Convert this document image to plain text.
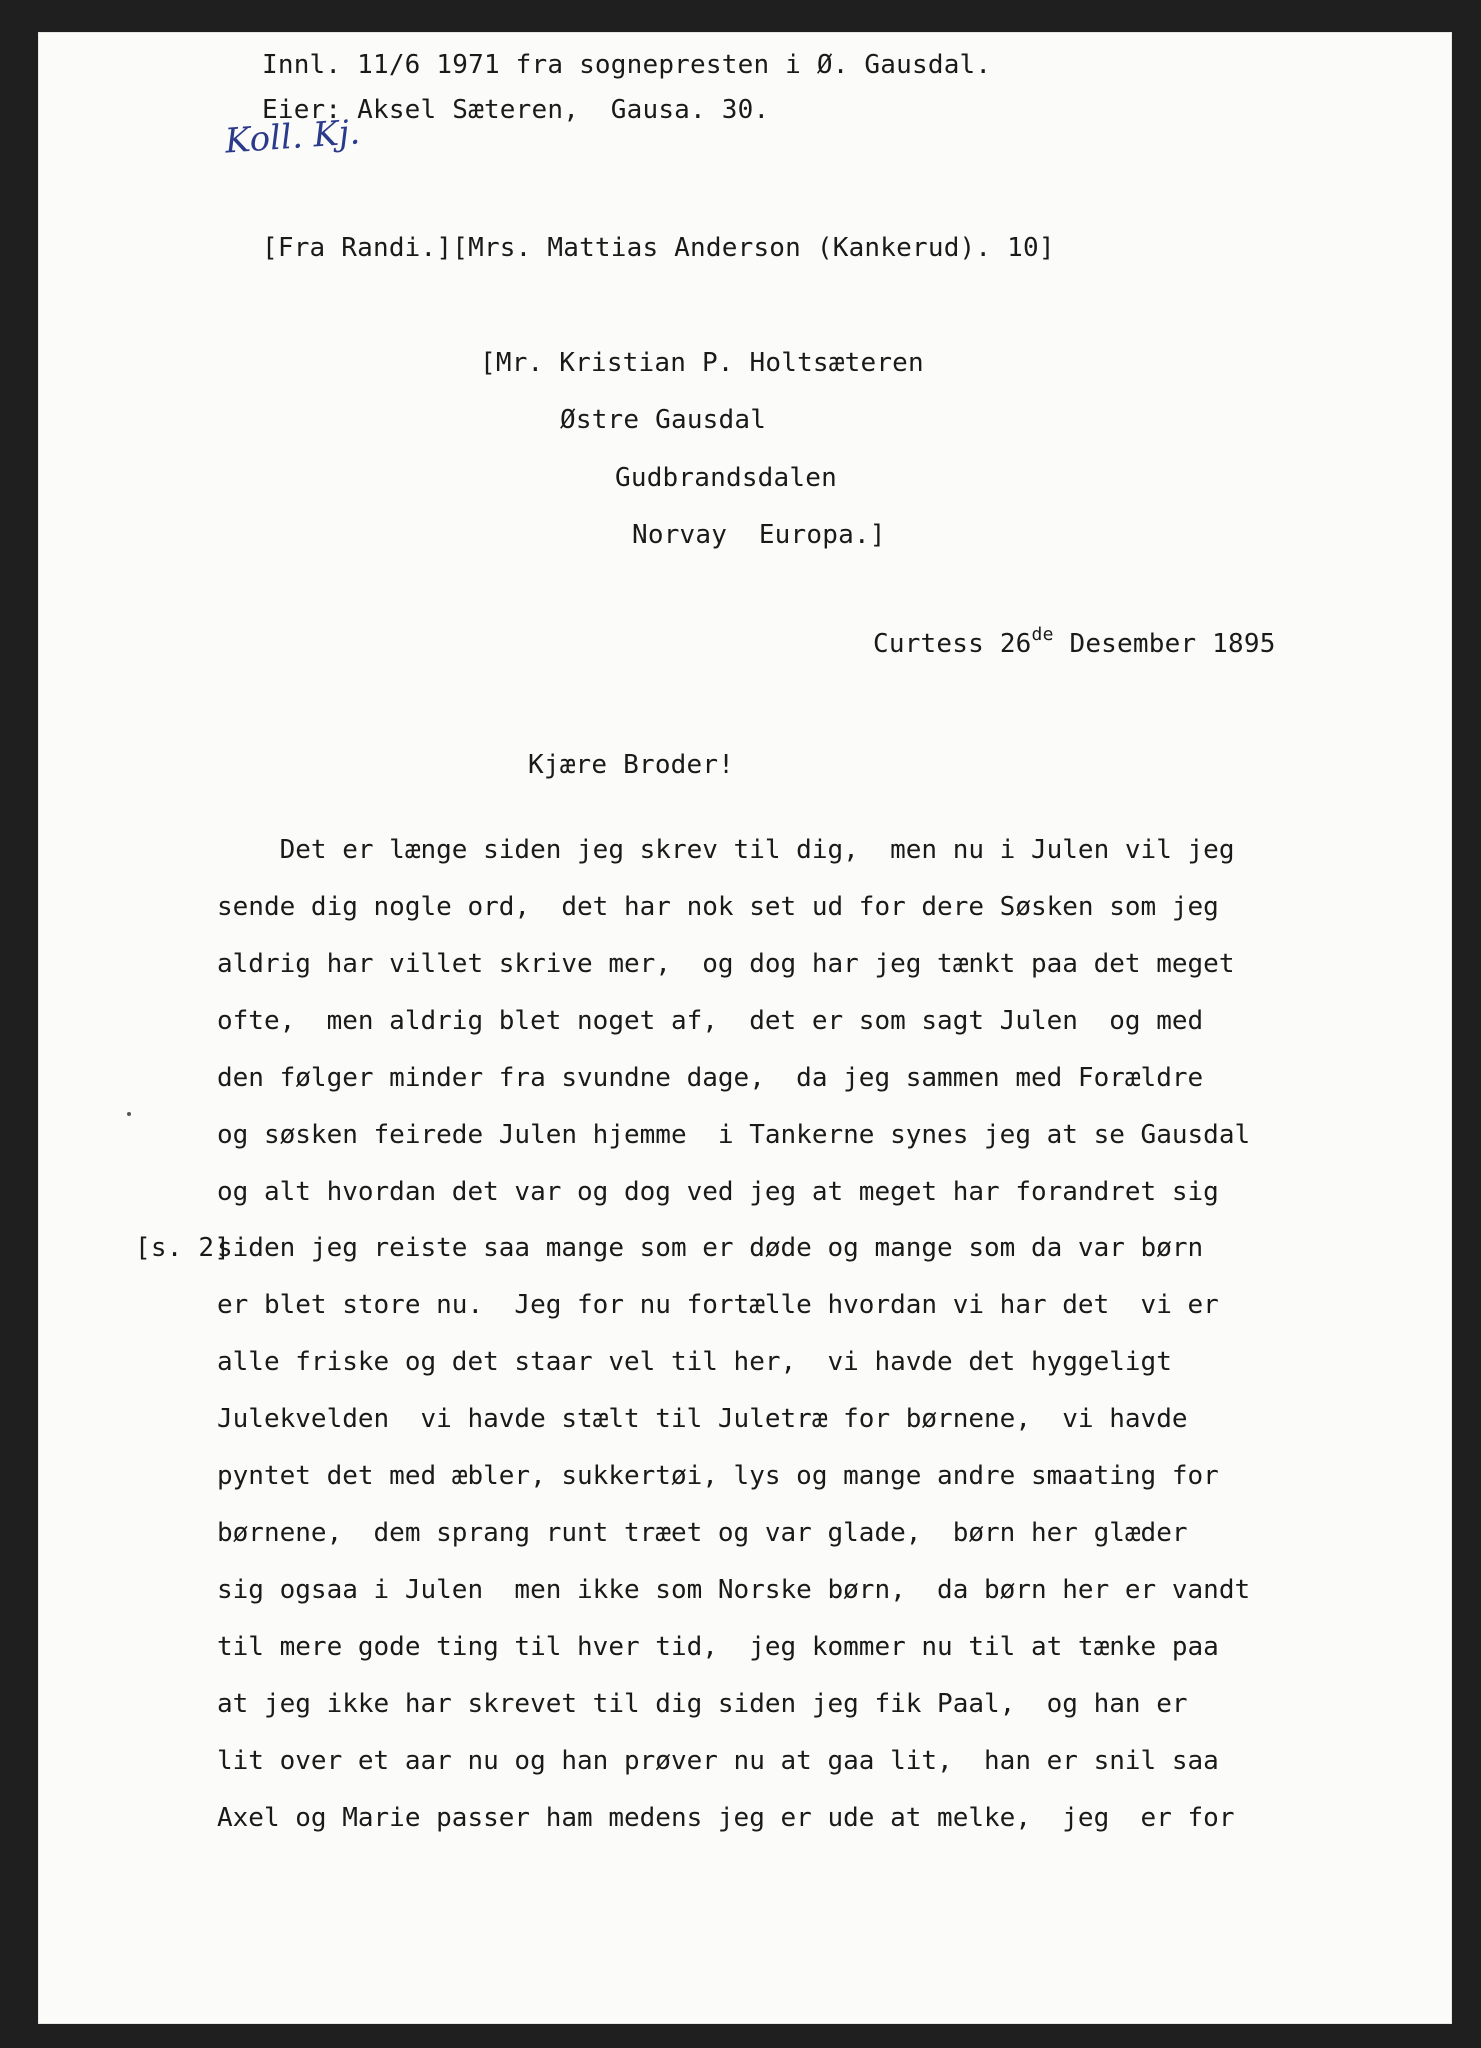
Innl. 11/6 1971 fra sognepresten i Ø. Gausdal.

Eier: Aksel Sæteren,  Gausa. 30.

Koll. Kj.

[Fra Randi.][Mrs. Mattias Anderson (Kankerud). 10]

[Mr. Kristian P. Holtsæteren

Østre Gausdal

Gudbrandsdalen

Norvay  Europa.]

Curtess 26de Desember 1895

Kjære Broder!

[s. 2]

Det er længe siden jeg skrev til dig,  men nu i Julen vil jeg

sende dig nogle ord,  det har nok set ud for dere Søsken som jeg

aldrig har villet skrive mer,  og dog har jeg tænkt paa det meget

ofte,  men aldrig blet noget af,  det er som sagt Julen  og med

den følger minder fra svundne dage,  da jeg sammen med Forældre

og søsken feirede Julen hjemme  i Tankerne synes jeg at se Gausdal

og alt hvordan det var og dog ved jeg at meget har forandret sig

siden jeg reiste saa mange som er døde og mange som da var børn

er blet store nu.  Jeg for nu fortælle hvordan vi har det  vi er

alle friske og det staar vel til her,  vi havde det hyggeligt

Julekvelden  vi havde stælt til Juletræ for børnene,  vi havde

pyntet det med æbler, sukkertøi, lys og mange andre smaating for

børnene,  dem sprang runt træet og var glade,  børn her glæder

sig ogsaa i Julen  men ikke som Norske børn,  da børn her er vandt

til mere gode ting til hver tid,  jeg kommer nu til at tænke paa

at jeg ikke har skrevet til dig siden jeg fik Paal,  og han er

lit over et aar nu og han prøver nu at gaa lit,  han er snil saa

Axel og Marie passer ham medens jeg er ude at melke,  jeg  er for
